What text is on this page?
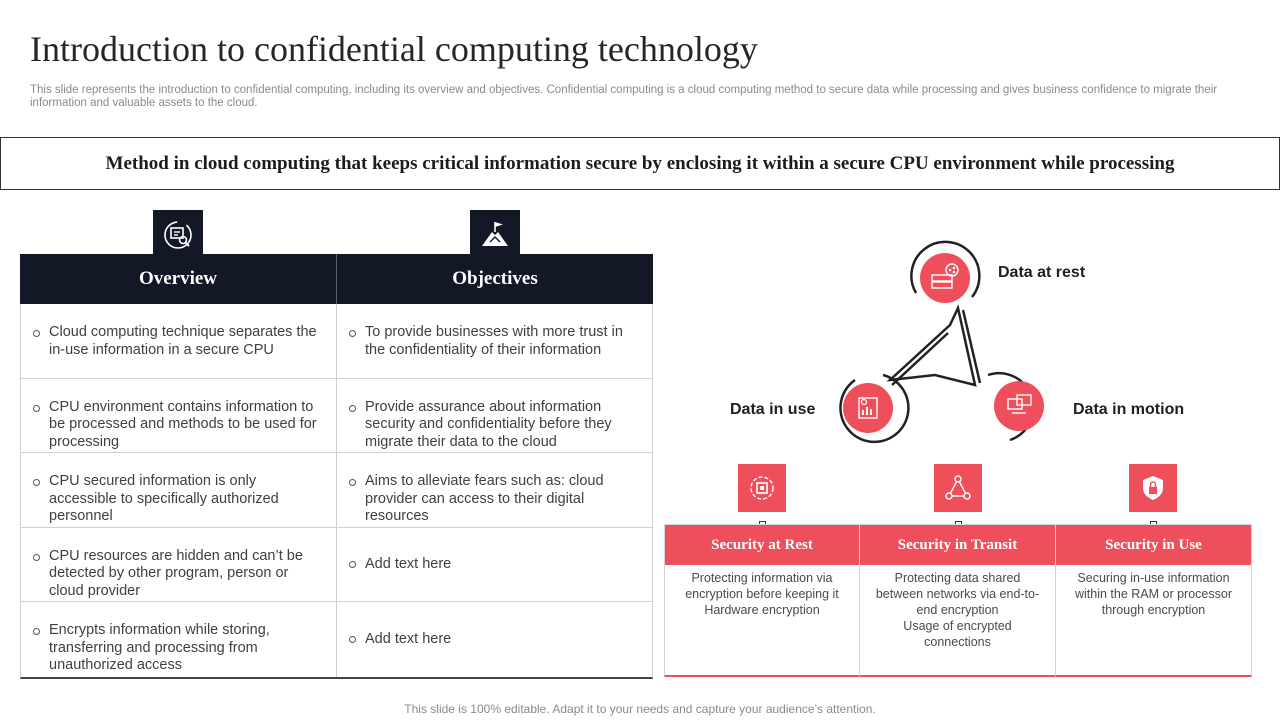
Introduction to confidential computing technology

This slide represents the introduction to confidential computing, including its overview and objectives. Confidential computing is a cloud computing method to secure data while processing and gives business confidence to migrate their information and valuable assets to the cloud.

Method in cloud computing that keeps critical information secure by enclosing it within a secure CPU environment while processing
Overview	Objectives
Cloud computing technique separates the in-use information in a secure CPU
To provide businesses with more trust in the confidentiality of their information
CPU environment contains information to be processed and methods to be used for processing
Provide assurance about information security and confidentiality before they migrate their data to the cloud
CPU secured information is only accessible to specifically authorized personnel
Aims to alleviate fears such as: cloud provider can access to their digital resources
CPU resources are hidden and can’t be detected by other program, person or cloud provider
Add text here
Encrypts information while storing, transferring and processing from unauthorized access
Add text here
Data at rest
Data in use	Data in motion
Security at Rest
Protecting information via encryption before keeping it Hardware encryption
Security in Transit
Protecting data shared between networks via end-to-end encryption
Usage of encrypted connections
Security in Use
Securing in-use information within the RAM or processor through encryption
This slide is 100% editable. Adapt it to your needs and capture your audience’s attention.
